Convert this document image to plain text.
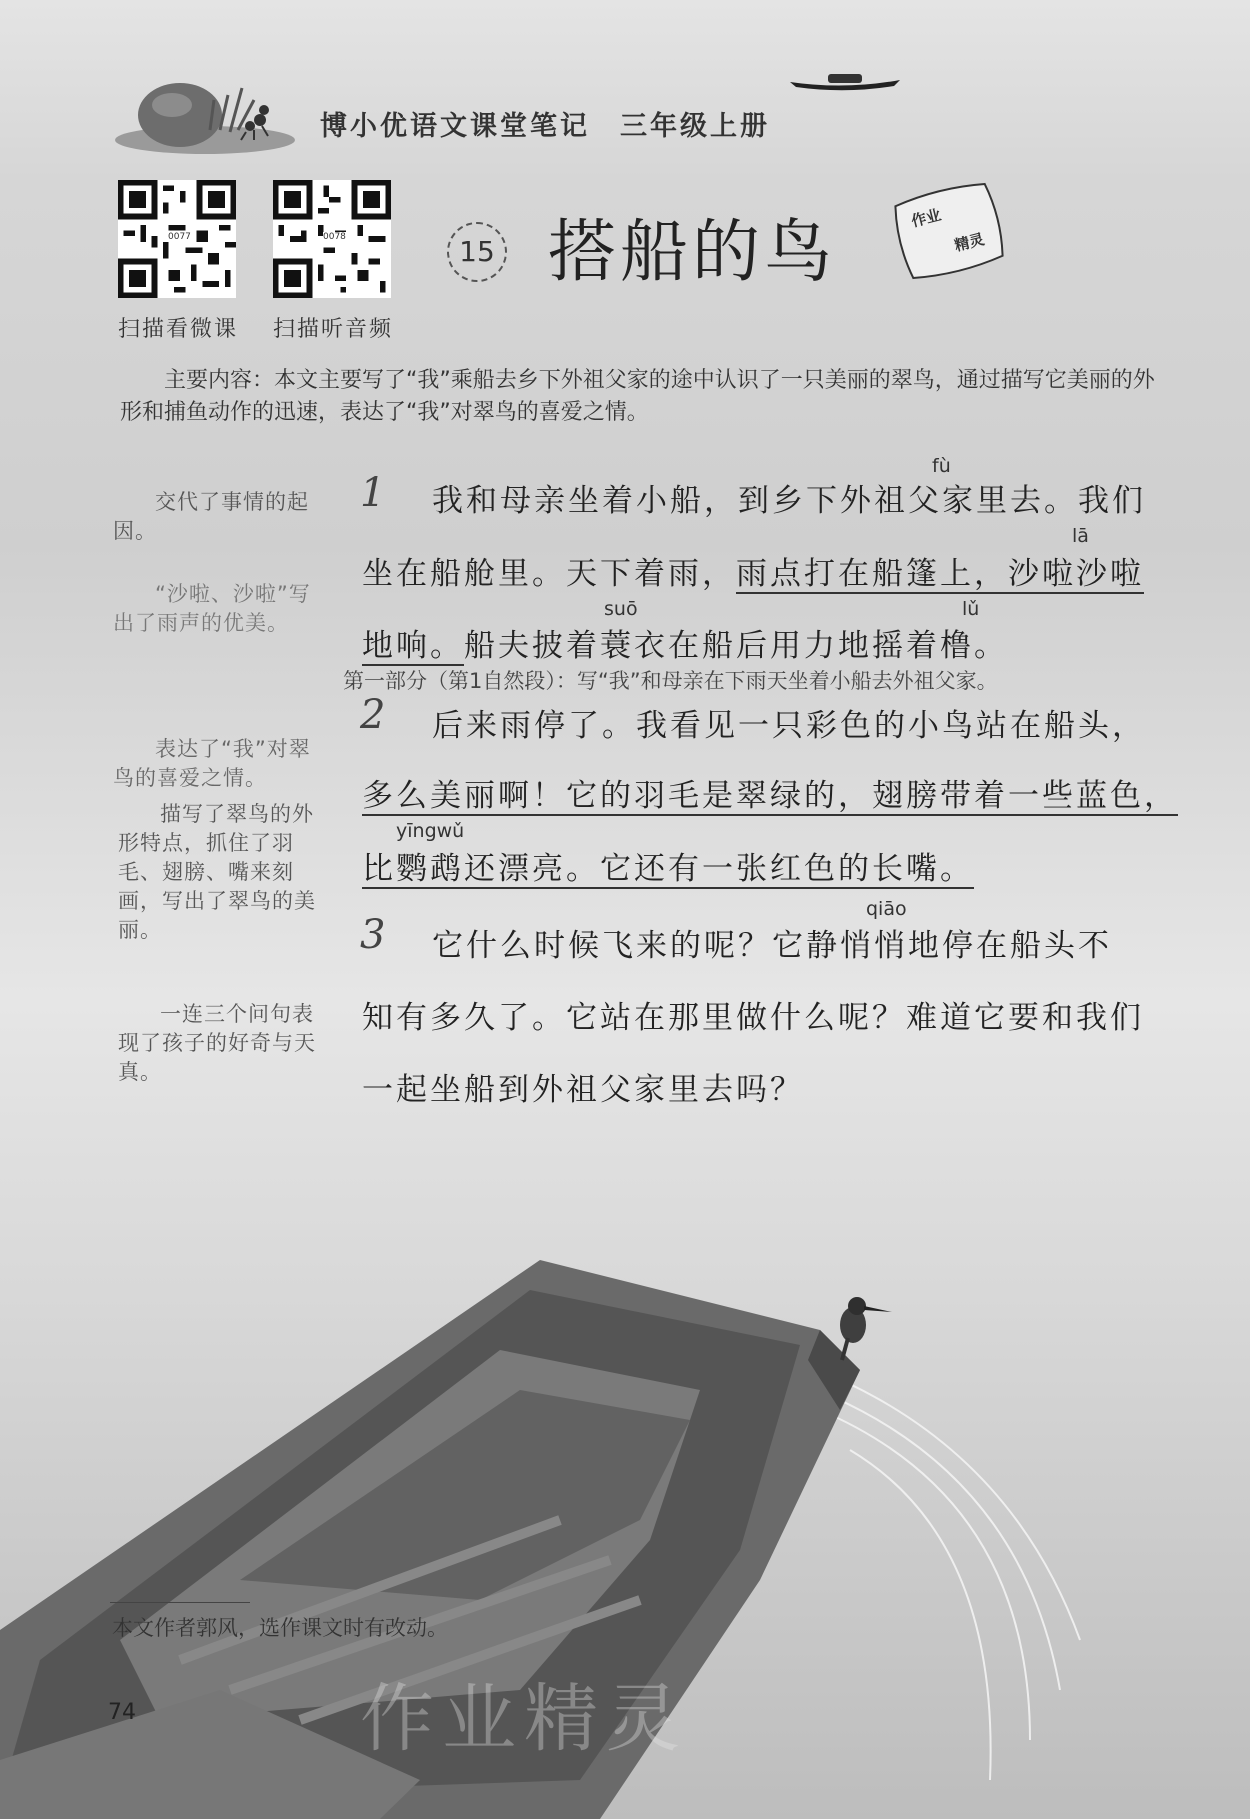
博小优语文课堂笔记　三年级上册
0077
扫描看微课
0078
扫描听音频
15 搭船的鸟	作业
精灵
主要内容：本文主要写了“我”乘船去乡下外祖父家的途中认识了一只美丽的翠鸟，通过描写它美丽的外形和捕鱼动作的迅速，表达了“我”对翠鸟的喜爱之情。
交代了事情的起因。
“沙啦、沙啦”写出了雨声的优美。
表达了“我”对翠鸟的喜爱之情。
描写了翠鸟的外形特点，抓住了羽毛、翅膀、嘴来刻画，写出了翠鸟的美丽。
一连三个问句表现了孩子的好奇与天真。
1 我和母亲坐着小船，到乡下外祖父家里去。我们
fù
坐在船舱里。天下着雨，雨点打在船篷上，沙啦沙啦
lā
地响。船夫披着蓑衣在船后用力地摇着橹。
suō	lǔ
第一部分（第1自然段）：写“我”和母亲在下雨天坐着小船去外祖父家。
2 后来雨停了。我看见一只彩色的小鸟站在船头，
多么美丽啊！它的羽毛是翠绿的，翅膀带着一些蓝色，
比鹦鹉还漂亮。它还有一张红色的长嘴。
yīngwǔ
3 它什么时候飞来的呢？它静悄悄地停在船头不
qiāo
知有多久了。它站在那里做什么呢？难道它要和我们
一起坐船到外祖父家里去吗？
作业精灵
本文作者郭风，选作课文时有改动。
74
